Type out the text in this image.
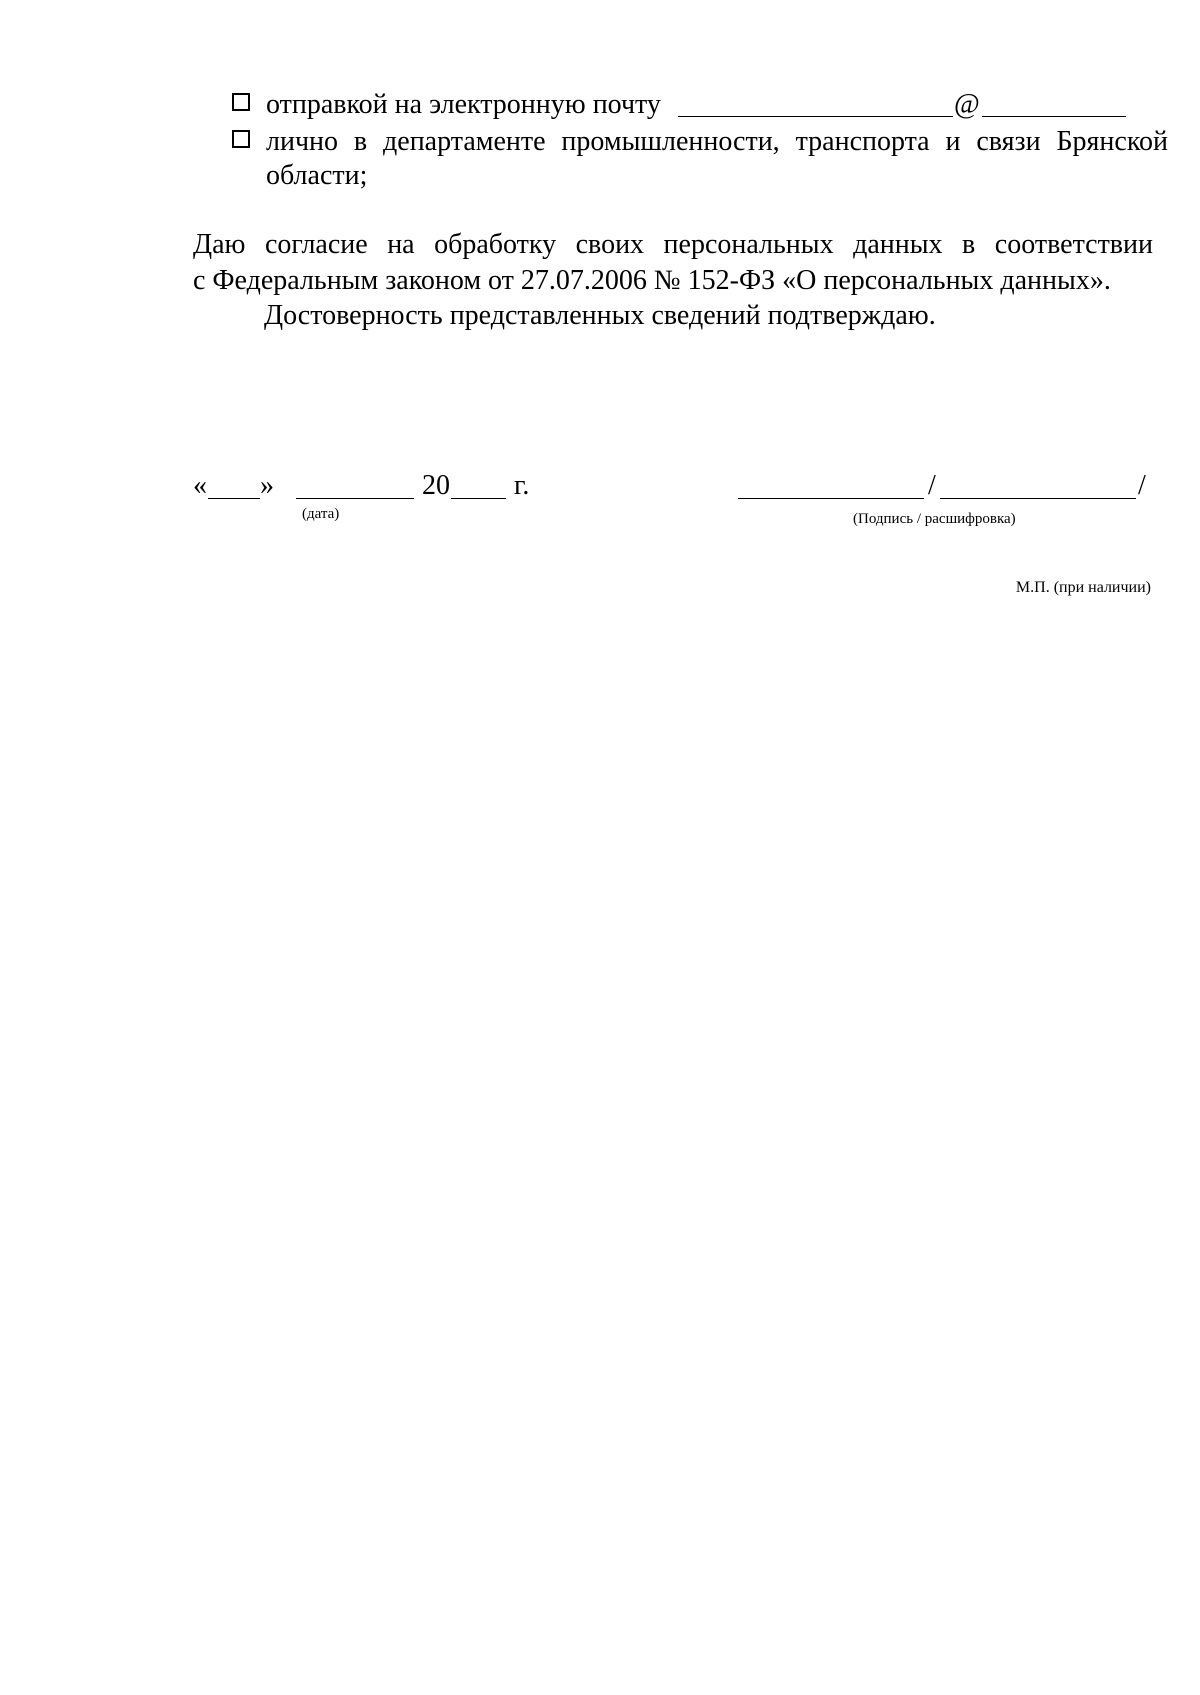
отправкой на электронную почту	@
лично в департаменте промышленности, транспорта и связи Брянской
области;
Даю согласие на обработку своих персональных данных в соответствии
с Федеральным законом от 27.07.2006 № 152-ФЗ «О персональных данных».
Достоверность представленных сведений подтверждаю.
« »	20 г.
(дата)
/	/
(Подпись / расшифровка)
М.П. (при наличии)
